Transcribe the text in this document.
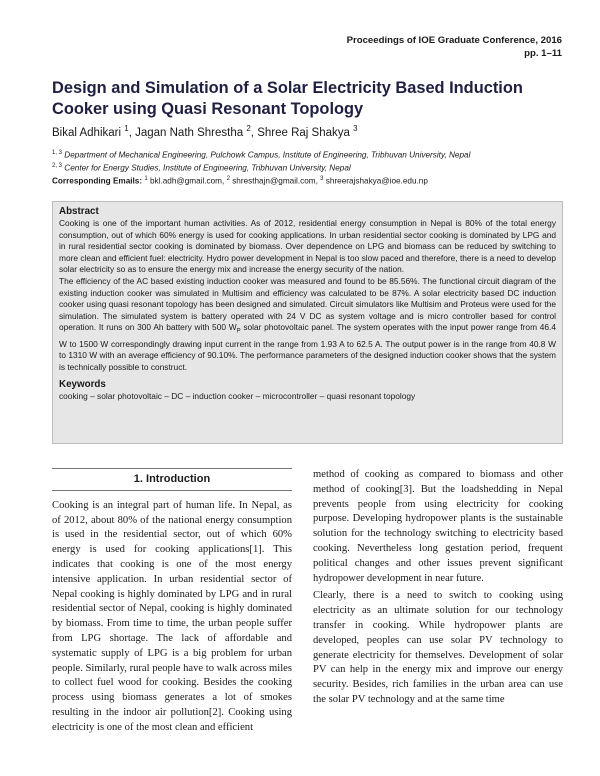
Proceedings of IOE Graduate Conference, 2016
pp. 1–11
Design and Simulation of a Solar Electricity Based Induction Cooker using Quasi Resonant Topology
Bikal Adhikari $^1$, Jagan Nath Shrestha $^2$, Shree Raj Shakya $^3$
$^{1, 3}$ Department of Mechanical Engineering, Pulchowk Campus, Institute of Engineering, Tribhuvan University, Nepal
$^{2, 3}$ Center for Energy Studies, Institute of Engineering, Tribhuvan University, Nepal
Corresponding Emails: $^1$ bkl.adh@gmail.com, $^2$ shresthajn@gmail.com, $^3$ shreerajshakya@ioe.edu.np
Abstract

Cooking is one of the important human activities. As of 2012, residential energy consumption in Nepal is 80% of the total energy consumption, out of which 60% energy is used for cooking applications. In urban residential sector cooking is dominated by LPG and in rural residential sector cooking is dominated by biomass. Over dependence on LPG and biomass can be reduced by switching to more clean and efficient fuel: electricity. Hydro power development in Nepal is too slow paced and therefore, there is a need to develop solar electricity so as to ensure the energy mix and increase the energy security of the nation.

The efficiency of the AC based existing induction cooker was measured and found to be 85.56%. The functional circuit diagram of the existing induction cooker was simulated in Multisim and efficiency was calculated to be 87%. A solar electricity based DC induction cooker using quasi resonant topology has been designed and simulated. Circuit simulators like Multisim and Proteus were used for the simulation. The simulated system is battery operated with 24 V DC as system voltage and is micro controller based for control operation. It runs on 300 Ah battery with 500 $W_P$ solar photovoltaic panel. The system operates with the input power range from 46.4 W to 1500 W correspondingly drawing input current in the range from 1.93 A to 62.5 A. The output power is in the range from 40.8 W to 1310 W with an average efficiency of 90.10%. The performance parameters of the designed induction cooker shows that the system is technically possible to construct.

Keywords

cooking – solar photovoltaic – DC – induction cooker – microcontroller – quasi resonant topology

1. Introduction

Cooking is an integral part of human life. In Nepal, as of 2012, about 80% of the national energy consumption is used in the residential sector, out of which 60% energy is used for cooking applications[1]. This indicates that cooking is one of the most energy intensive application. In urban residential sector of Nepal cooking is highly dominated by LPG and in rural residential sector of Nepal, cooking is highly dominated by biomass. From time to time, the urban people suffer from LPG shortage. The lack of affordable and systematic supply of LPG is a big problem for urban people. Similarly, rural people have to walk across miles to collect fuel wood for cooking. Besides the cooking process using biomass generates a lot of smokes resulting in the indoor air pollution[2]. Cooking using electricity is one of the most clean and efficient

method of cooking as compared to biomass and other method of cooking[3]. But the loadshedding in Nepal prevents people from using electricity for cooking purpose. Developing hydropower plants is the sustainable solution for the technology switching to electricity based cooking. Nevertheless long gestation period, frequent political changes and other issues prevent significant hydropower development in near future.

Clearly, there is a need to switch to cooking using electricity as an ultimate solution for our technology transfer in cooking. While hydropower plants are developed, peoples can use solar PV technology to generate electricity for themselves. Development of solar PV can help in the energy mix and improve our energy security. Besides, rich families in the urban area can use the solar PV technology and at the same time
